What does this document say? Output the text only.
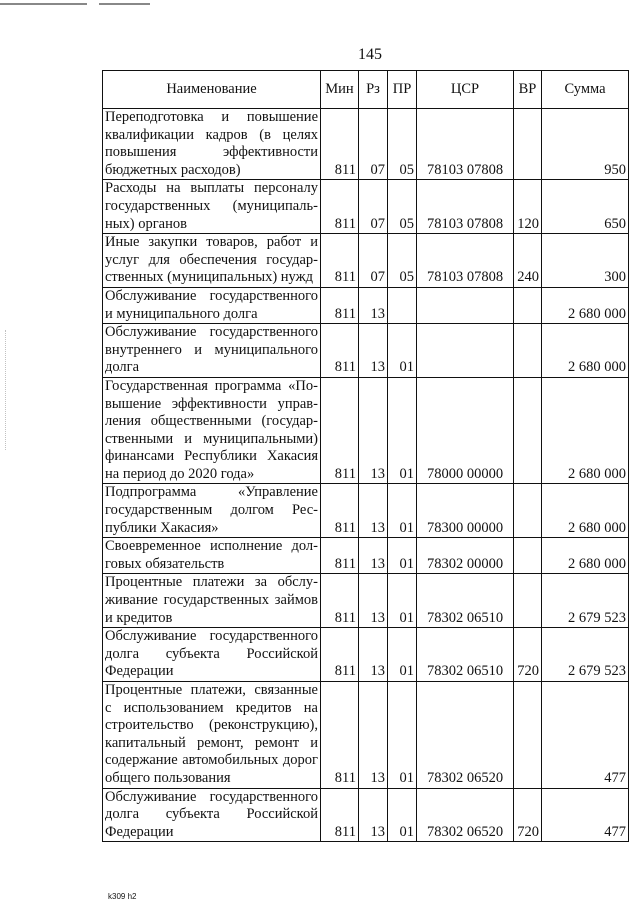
145
Наименование	Мин	Рз	ПР	ЦСР	ВР	Сумма
Переподготовка и повышение квалификации кадров (в целях повышения эффективности бюджетных расходов)	811	07	05	78103 07808		950
Расходы на выплаты персоналу государственных (муниципальных) органов	811	07	05	78103 07808	120	650
Иные закупки товаров, работ и услуг для обеспечения государственных (муниципальных) нужд	811	07	05	78103 07808	240	300
Обслуживание государственного и муниципального долга	811	13				2 680 000
Обслуживание государственного внутреннего и муниципального долга	811	13	01			2 680 000
Государственная программа «Повышение эффективности управления общественными (государственными и муниципальными) финансами Республики Хакасия на период до 2020 года»	811	13	01	78000 00000		2 680 000
Подпрограмма «Управление государственным долгом Республики Хакасия»	811	13	01	78300 00000		2 680 000
Своевременное исполнение долговых обязательств	811	13	01	78302 00000		2 680 000
Процентные платежи за обслуживание государственных займов и кредитов	811	13	01	78302 06510		2 679 523
Обслуживание государственного долга субъекта Российской Федерации	811	13	01	78302 06510	720	2 679 523
Процентные платежи, связанные с использованием кредитов на строительство (реконструкцию), капитальный ремонт, ремонт и содержание автомобильных дорог общего пользования	811	13	01	78302 06520		477
Обслуживание государственного долга субъекта Российской Федерации	811	13	01	78302 06520	720	477
k309 h2
